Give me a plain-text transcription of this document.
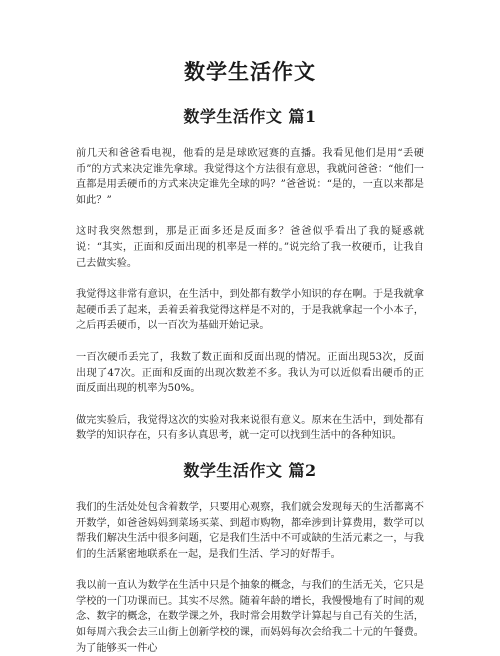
数学生活作文
数学生活作文 篇1

前几天和爸爸看电视，他看的是是球欧冠赛的直播。我看见他们是用“丢硬币”的方式来决定谁先拿球。我觉得这个方法很有意思，我就问爸爸：“他们一直都是用丢硬币的方式来决定谁先全球的吗？”爸爸说：“是的，一直以来都是如此？”

这时我突然想到，那是正面多还是反面多？爸爸似乎看出了我的疑惑就说：“其实，正面和反面出现的机率是一样的。”说完给了我一枚硬币，让我自己去做实验。

我觉得这非常有意识，在生活中，到处都有数学小知识的存在啊。于是我就拿起硬币丢了起来，丢着丢着我觉得这样是不对的，于是我就拿起一个小本子，之后再丢硬币，以一百次为基础开始记录。

一百次硬币丢完了，我数了数正面和反面出现的情况。正面出现53次，反面出现了47次。正面和反面的出现次数差不多。我认为可以近似看出硬币的正面反面出现的机率为50%。

做完实验后，我觉得这次的实验对我来说很有意义。原来在生活中，到处都有数学的知识存在，只有多认真思考，就一定可以找到生活中的各种知识。

数学生活作文 篇2

我们的生活处处包含着数学，只要用心观察，我们就会发现每天的生活都离不开数学，如爸爸妈妈到菜场买菜、到超市购物，都牵涉到计算费用，数学可以帮我们解决生活中很多问题，它是我们生活中不可或缺的生活元素之一，与我们的生活紧密地联系在一起，是我们生活、学习的好帮手。

我以前一直认为数学在生活中只是个抽象的概念，与我们的生活无关，它只是学校的一门功课而已。其实不尽然。随着年龄的增长，我慢慢地有了时间的观念、数字的概念，在数学课之外，我时常会用数学计算起与自己有关的生活，如每周六我会去三山街上创新学校的课，而妈妈每次会给我二十元的午餐费。为了能够买一件心
